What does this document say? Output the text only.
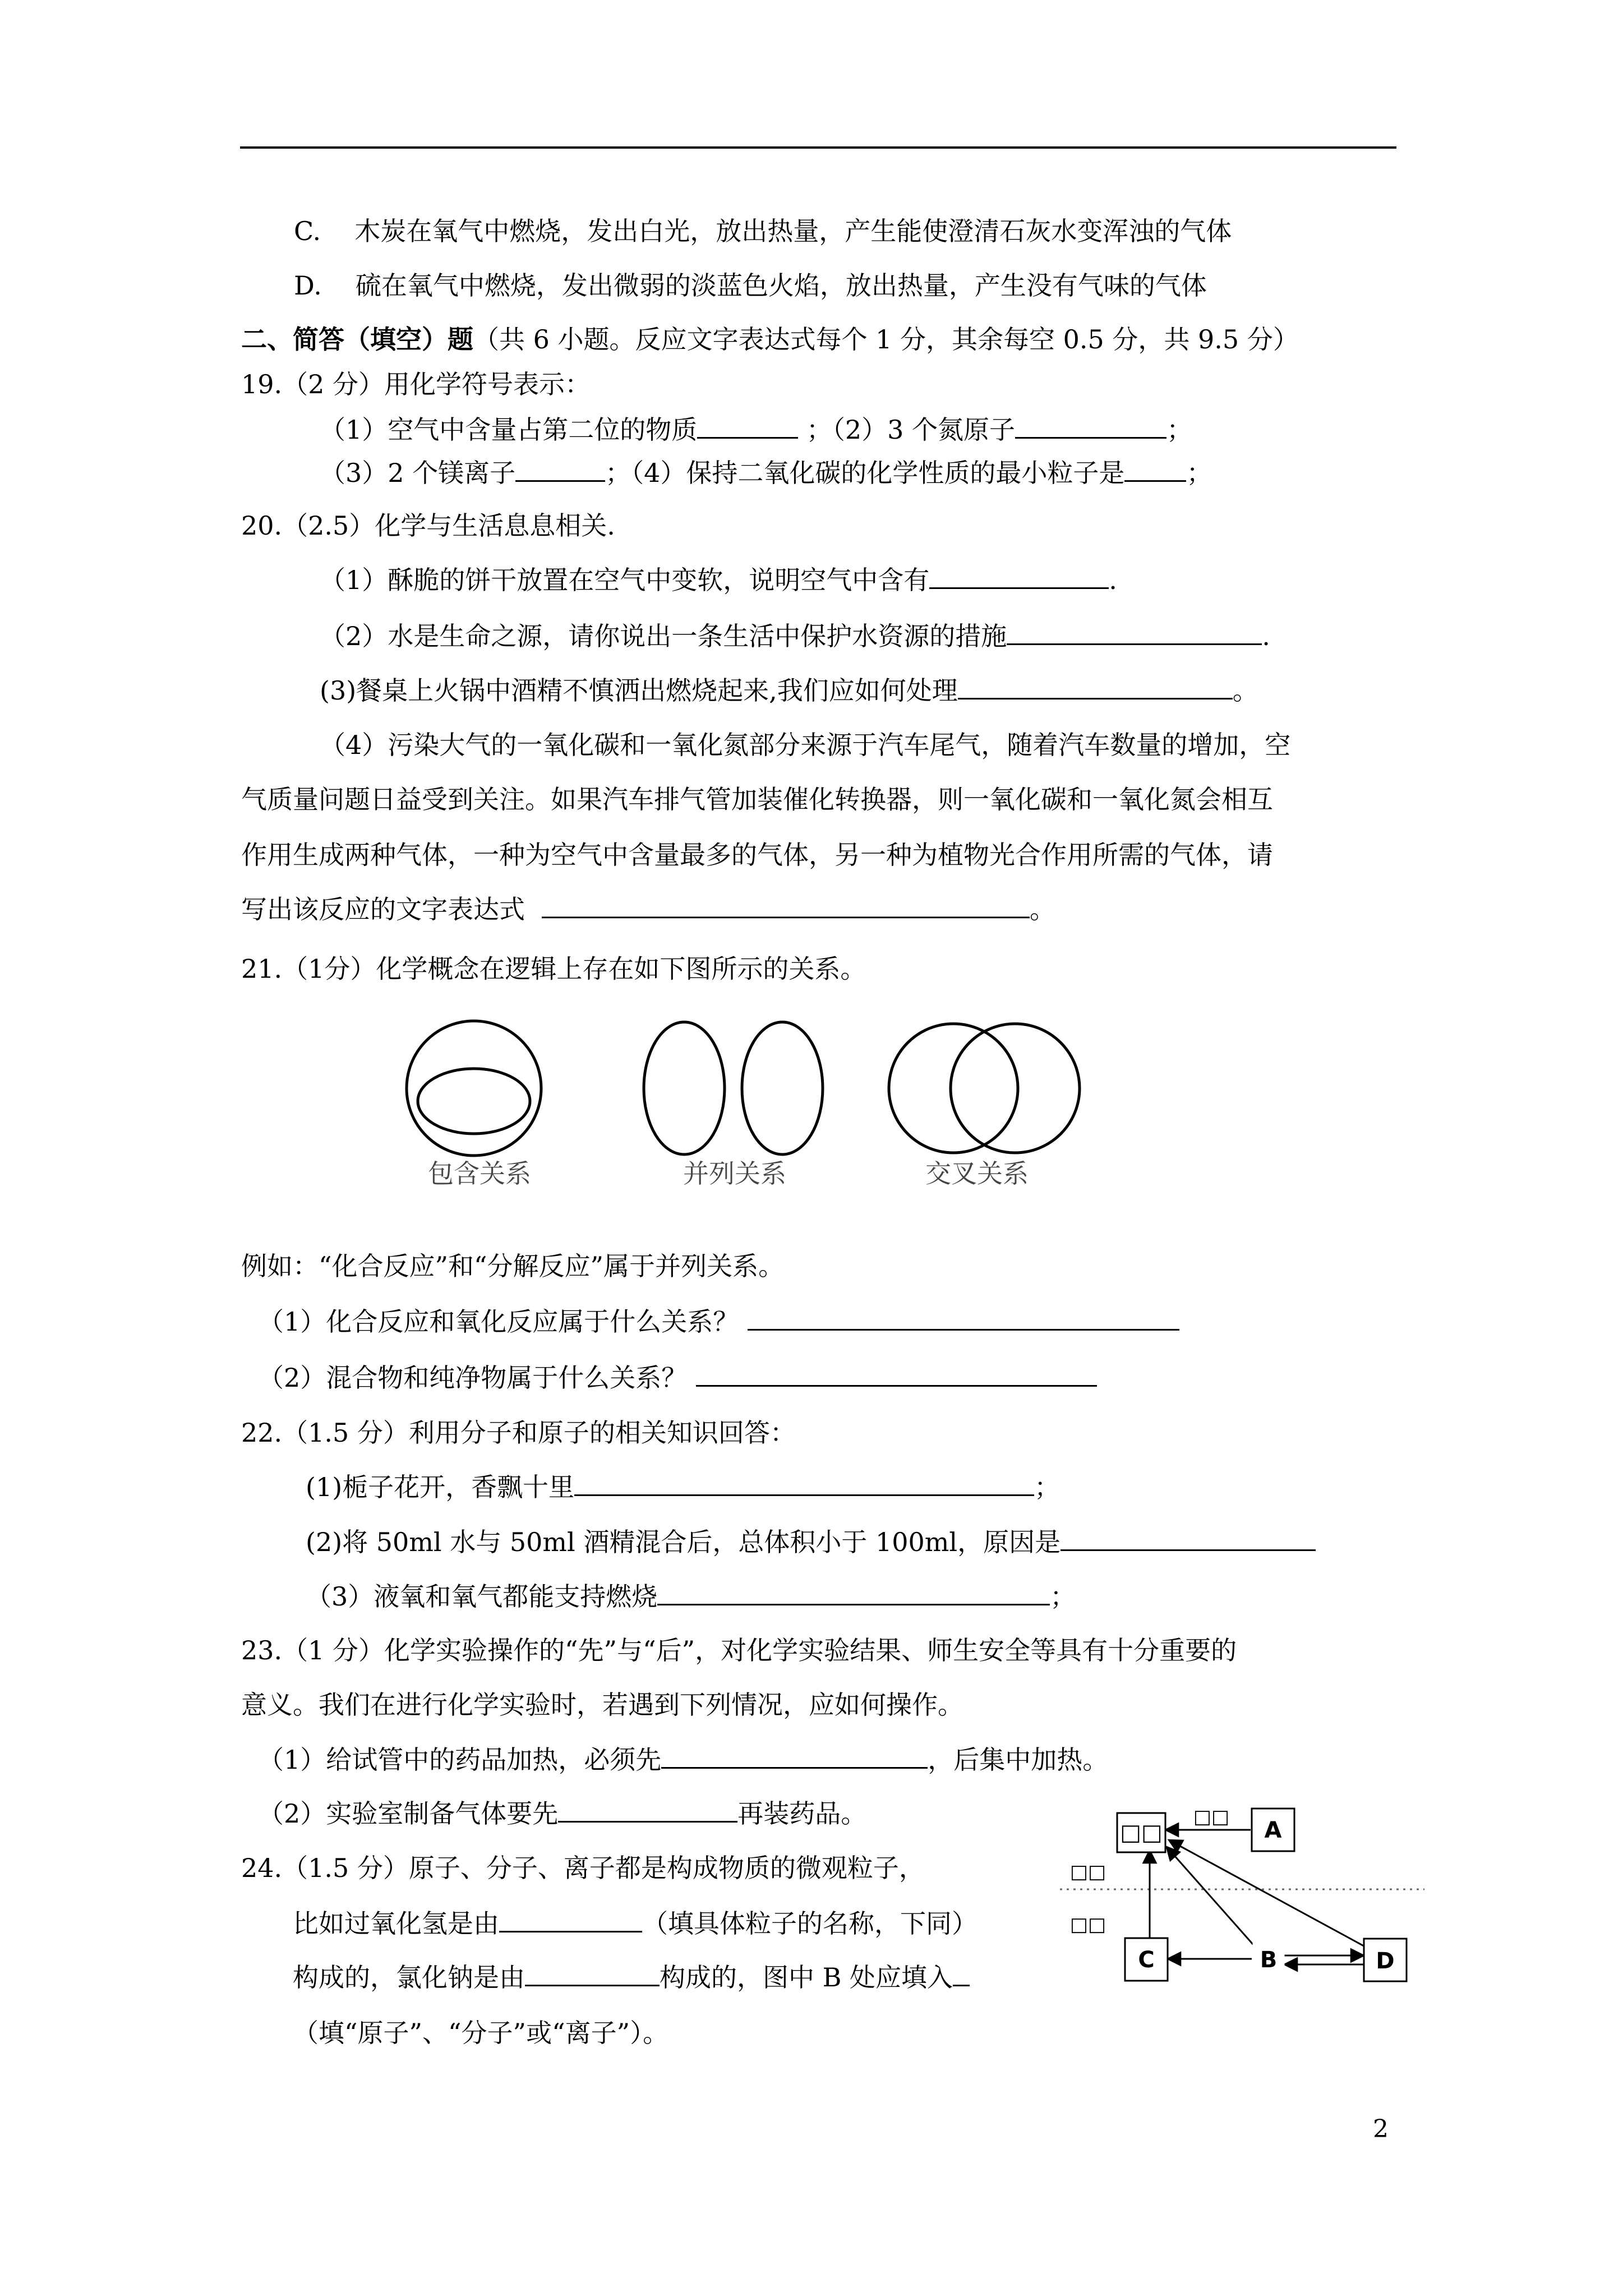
C. 木炭在氧气中燃烧，发出白光，放出热量，产生能使澄清石灰水变浑浊的气体
D. 硫在氧气中燃烧，发出微弱的淡蓝色火焰，放出热量，产生没有气味的气体
二、简答（填空）题（共 6 小题。反应文字表达式每个 1 分，其余每空 0.5 分，共 9.5 分）
19.（2 分）用化学符号表示：
（1）空气中含量占第二位的物质	；（2）3 个氮原子	；
（3）2 个镁离子	；（4）保持二氧化碳的化学性质的最小粒子是 ；
20.（2.5）化学与生活息息相关.
（1）酥脆的饼干放置在空气中变软，说明空气中含有	.
（2）水是生命之源，请你说出一条生活中保护水资源的措施	.
(3)餐桌上火锅中酒精不慎洒出燃烧起来,我们应如何处理	。
（4）污染大气的一氧化碳和一氧化氮部分来源于汽车尾气，随着汽车数量的增加，空
气质量问题日益受到关注。如果汽车排气管加装催化转换器，则一氧化碳和一氧化氮会相互
作用生成两种气体，一种为空气中含量最多的气体，另一种为植物光合作用所需的气体，请
写出该反应的文字表达式	。
21.（1分）化学概念在逻辑上存在如下图所示的关系。
包含关系	并列关系	交叉关系
例如：“化合反应”和“分解反应”属于并列关系。
（1）化合反应和氧化反应属于什么关系？
（2）混合物和纯净物属于什么关系？
22.（1.5 分）利用分子和原子的相关知识回答：
(1)栀子花开，香飘十里	；
(2)将 50ml 水与 50ml 酒精混合后，总体积小于 100ml，原因是
（3）液氧和氧气都能支持燃烧	；
23.（1 分）化学实验操作的“先”与“后”，对化学实验结果、师生安全等具有十分重要的
意义。我们在进行化学实验时，若遇到下列情况，应如何操作。
（1）给试管中的药品加热，必须先	，后集中加热。
（2）实验室制备气体要先	再装药品。
24.（1.5 分）原子、分子、离子都是构成物质的微观粒子，
比如过氧化氢是由	（填具体粒子的名称，下同）
构成的，氯化钠是由	构成的，图中 B 处应填入
（填“原子”、“分子”或“离子”）。
□□	A
C	B	D
□□
□□
□□
2
